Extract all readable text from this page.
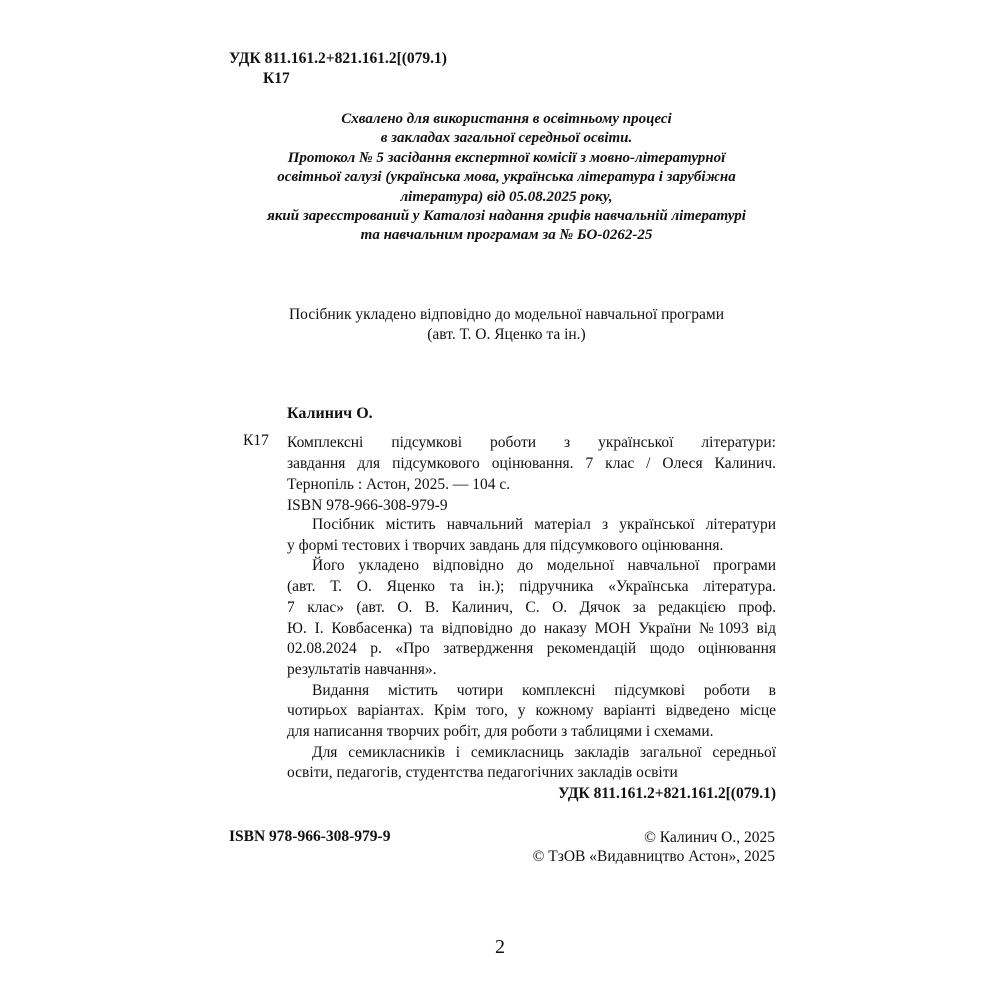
УДК 811.161.2+821.161.2[(079.1)
К17
Схвалено для використання в освітньому процесі
в закладах загальної середньої освіти.
Протокол № 5 засідання експертної комісії з мовно-літературної
освітньої галузі (українська мова, українська література і зарубіжна
література) від 05.08.2025 року,
який зареєстрований у Каталозі надання грифів навчальній літературі
та навчальним програмам за № БО-0262-25
Посібник укладено відповідно до модельної навчальної програми
(авт. Т. О. Яценко та ін.)
Калинич О.
К17 Комплексні підсумкові роботи з української літератури:
завдання для підсумкового оцінювання. 7 клас / Олеся Калинич.
Тернопіль : Астон, 2025. — 104 с.
ISBN 978-966-308-979-9
Посібник містить навчальний матеріал з української літератури
у формі тестових і творчих завдань для підсумкового оцінювання.
Його укладено відповідно до модельної навчальної програми
(авт. Т. О. Яценко та ін.); підручника «Українська література.
7 клас» (авт. О. В. Калинич, С. О. Дячок за редакцією проф.
Ю. І. Ковбасенка) та відповідно до наказу МОН України №1093 від
02.08.2024 р. «Про затвердження рекомендацій щодо оцінювання
результатів навчання».
Видання містить чотири комплексні підсумкові роботи в
чотирьох варіантах. Крім того, у кожному варіанті відведено місце
для написання творчих робіт, для роботи з таблицями і схемами.
Для семикласників і семикласниць закладів загальної середньої
освіти, педагогів, студентства педагогічних закладів освіти
УДК 811.161.2+821.161.2[(079.1)
ISBN 978-966-308-979-9	© Калинич О., 2025
© ТзОВ «Видавництво Астон», 2025
2
